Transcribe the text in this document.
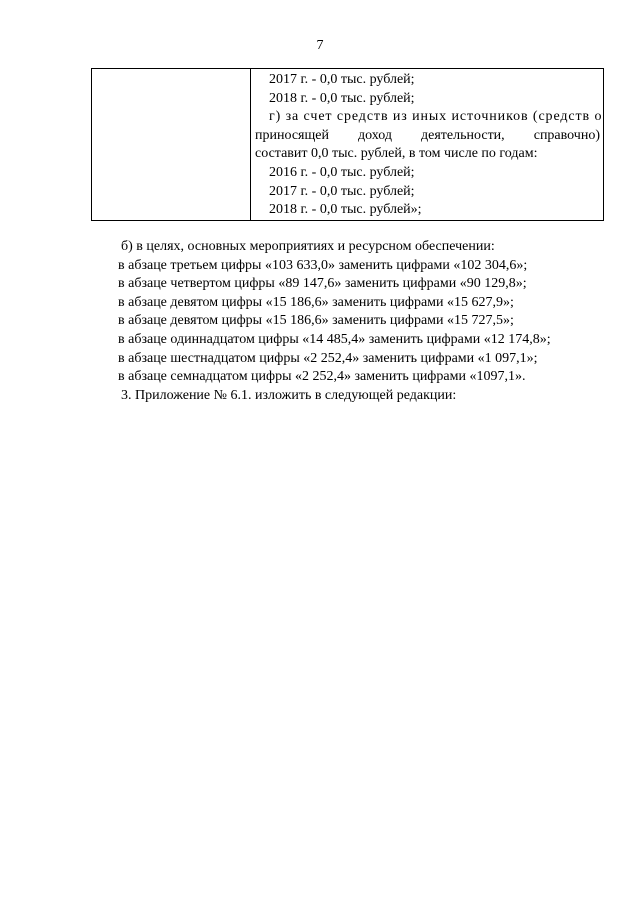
7

2017 г. - 0,0 тыс. рублей;
2018 г. - 0,0 тыс. рублей;
г) за счет средств из иных источников (средств о
приносящей доход деятельности, справочно)
составит 0,0 тыс. рублей, в том числе по годам:
2016 г. - 0,0 тыс. рублей;
2017 г. - 0,0 тыс. рублей;
2018 г. - 0,0 тыс. рублей»;
б) в целях, основных мероприятиях и ресурсном обеспечении:
в абзаце третьем цифры «103 633,0» заменить цифрами «102 304,6»;
в абзаце четвертом цифры «89 147,6» заменить цифрами «90 129,8»;
в абзаце девятом цифры «15 186,6» заменить цифрами «15 627,9»;
в абзаце девятом цифры «15 186,6» заменить цифрами «15 727,5»;
в абзаце одиннадцатом цифры «14 485,4» заменить цифрами «12 174,8»;
в абзаце шестнадцатом цифры «2 252,4» заменить цифрами «1 097,1»;
в абзаце семнадцатом цифры «2 252,4» заменить цифрами «1097,1».
3. Приложение № 6.1. изложить в следующей редакции:
